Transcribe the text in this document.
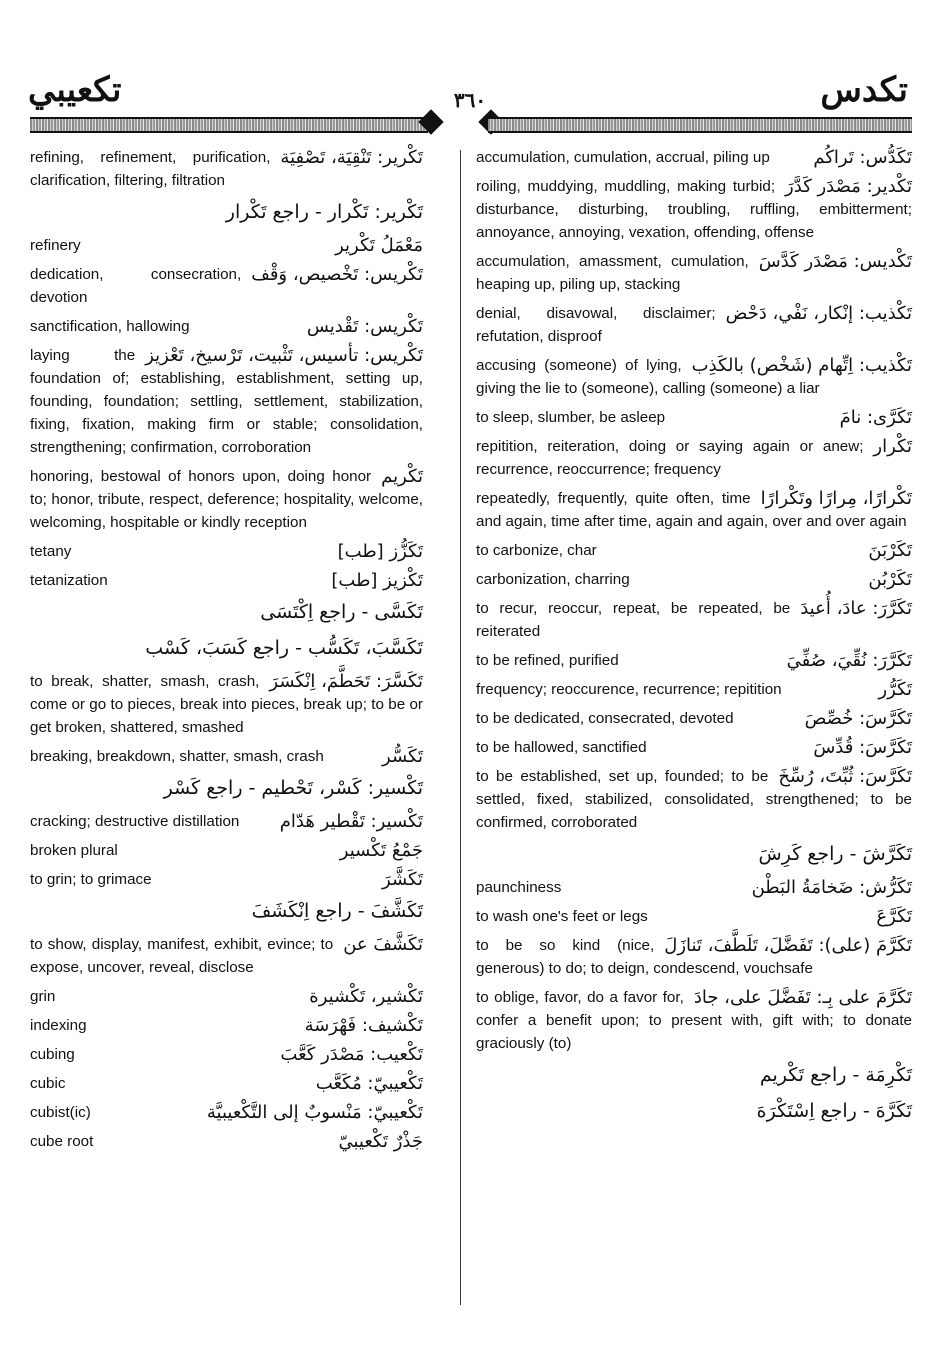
تكعيبي	٣٦٠	تكدس
تَكْرير: تَنْقِيَة، تَصْفِيَة
refining, refinement, purification, clarification, filtering, filtration
تَكْرير: تَكْرار - راجع تَكْرار
مَعْمَلُ تَكْرير
refinery
تَكْريس: تَخْصيص، وَقْف
dedication, consecration, devotion
تَكْريس: تَقْديس
sanctification, hallowing
تَكْريس: تأسيس، تَثْبيت، تَرْسيخ، تَعْزيز
laying the foundation of; establishing, establishment, setting up, founding, foundation; settling, settlement, stabilization, fixing, fixation, making firm or stable; consolidation, strengthening; confirmation, corroboration
تَكْريم
honoring, bestowal of honors upon, doing honor to; honor, tribute, respect, deference; hospitality, welcome, welcoming, hospitable or kindly reception
تَكَزُّز [طب]
tetany
تَكْزيز [طب]
tetanization
تَكَسَّى - راجع اِكْتَسَى
تَكَسَّبَ، تَكَسُّب - راجع كَسَبَ، كَسْب
تَكَسَّرَ: تَحَطَّمَ، اِنْكَسَرَ
to break, shatter, smash, crash, come or go to pieces, break into pieces, break up; to be or get broken, shattered, smashed
تَكَسُّر
breaking, breakdown, shatter, smash, crash
تَكْسير: كَسْر، تَحْطيم - راجع كَسْر
تَكْسير: تَقْطير هَدّام
cracking; destructive distillation
جَمْعُ تَكْسير
broken plural
تَكَشَّرَ
to grin; to grimace
تَكَشَّفَ - راجع اِنْكَشَفَ
تَكَشَّفَ عن
to show, display, manifest, exhibit, evince; to expose, uncover, reveal, disclose
تَكْشير، تَكْشيرة
grin
تَكْشيف: فَهْرَسَة
indexing
تَكْعيب: مَصْدَر كَعَّبَ
cubing
تَكْعيبيّ: مُكَعَّب
cubic
تَكْعيبيّ: مَنْسوبٌ إلى التَّكْعيبيَّة
cubist(ic)
جَذْرٌ تَكْعيبيّ
cube root
تَكَدُّس: تَراكُم
accumulation, cumulation, accrual, piling up
تَكْدير: مَصْدَر كَدَّرَ
roiling, muddying, muddling, making turbid; disturbance, disturbing, troubling, ruffling, embitterment; annoyance, annoying, vexation, offending, offense
تَكْديس: مَصْدَر كَدَّسَ
accumulation, amassment, cumulation, heaping up, piling up, stacking
تَكْذيب: إنْكار، نَفْي، دَحْض
denial, disavowal, disclaimer; refutation, disproof
تَكْذيب: اِتِّهام (شَخْص) بالكَذِب
accusing (someone) of lying, giving the lie to (someone), calling (someone) a liar
تَكَرَّى: نامَ
to sleep, slumber, be asleep
تَكْرار
repitition, reiteration, doing or saying again or anew; recurrence, reoccurrence; frequency
تَكْرارًا، مِرارًا وتَكْرارًا
repeatedly, frequently, quite often, time and again, time after time, again and again, over and over again
تَكَرْبَنَ
to carbonize, char
تَكَرْبُن
carbonization, charring
تَكَرَّرَ: عادَ، أُعيدَ
to recur, reoccur, repeat, be repeated, be reiterated
تَكَرَّرَ: نُقِّيَ، صُفِّيَ
to be refined, purified
تَكَرُّر
frequency; reoccurence, recurrence; repitition
تَكَرَّسَ: خُصِّصَ
to be dedicated, consecrated, devoted
تَكَرَّسَ: قُدِّسَ
to be hallowed, sanctified
تَكَرَّسَ: ثُبِّتَ، رُسِّخَ
to be established, set up, founded; to be settled, fixed, stabilized, consolidated, strengthened; to be confirmed, corroborated
تَكَرَّشَ - راجع كَرِشَ
تَكَرُّش: ضَخامَةُ البَطْن
paunchiness
تَكَرَّعَ
to wash one's feet or legs
تَكَرَّمَ (على): تَفَضَّلَ، تَلَطَّفَ، تَنازَلَ
to be so kind (nice, generous) to do; to deign, condescend, vouchsafe
تَكَرَّمَ على بِـ: تَفَضَّلَ على، جادَ
to oblige, favor, do a favor for, confer a benefit upon; to present with, gift with; to donate graciously (to)
تَكْرِمَة - راجع تَكْريم
تَكَرَّهَ - راجع اِسْتَكْرَهَ
